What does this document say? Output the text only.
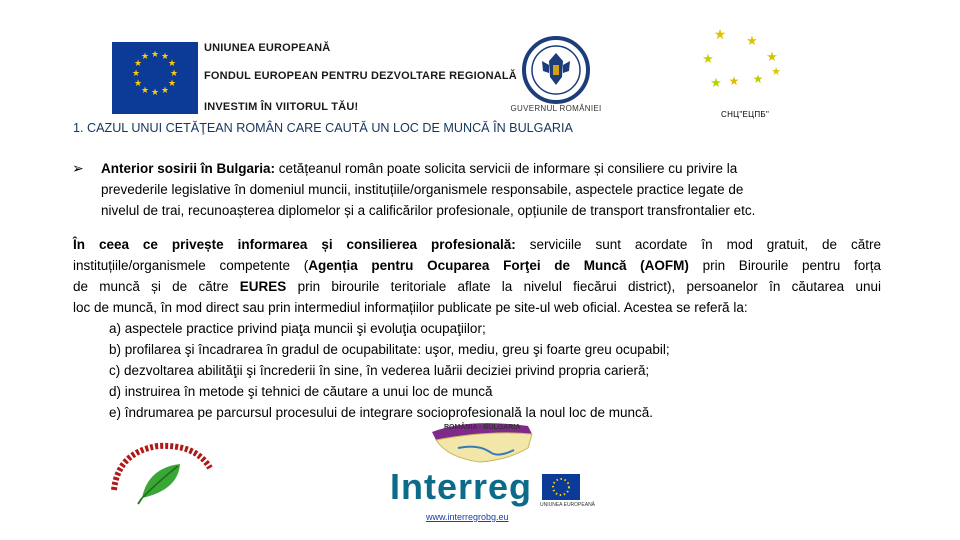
★ ★
★
★
★
★
★
★
★
★
★
★
UNIUNEA EUROPEANĂ
FONDUL EUROPEAN PENTRU DEZVOLTARE REGIONALĂ
INVESTIM ÎN VIITORUL TĂU!	GUVERNUL ROMÂNIEI
★ ★
★	★
★ ★ ★
★
СНЦ"ЕЦПБ"
1. CAZUL UNUI CETĂŢEAN ROMÂN CARE CAUTĂ UN LOC DE MUNCĂ ÎN BULGARIA
➢ Anterior sosirii în Bulgaria: cetățeanul român poate solicita servicii de informare și consiliere cu privire la
prevederile legislative în domeniul muncii, instituțiile/organismele responsabile, aspectele practice legate de
nivelul de trai, recunoașterea diplomelor și a calificărilor profesionale, opțiunile de transport transfrontalier etc.
În ceea ce privește informarea și consilierea profesională: serviciile sunt acordate în mod gratuit, de către
instituțiile/organismele competente (Agenția pentru Ocuparea Forţei de Muncă (AOFM) prin Birourile pentru forța
de muncă și de către EURES prin birourile teritoriale aflate la nivelul fiecărui district), persoanelor în căutarea unui
loc de muncă, în mod direct sau prin intermediul informațiilor publicate pe site-ul web oficial. Acestea se referă la:
a) aspectele practice privind piaţa muncii şi evoluţia ocupaţiilor;
b) profilarea şi încadrarea în gradul de ocupabilitate: uşor, mediu, greu şi foarte greu ocupabil;
c) dezvoltarea abilităţii şi încrederii în sine, în vederea luării deciziei privind propria carieră;
d) instruirea în metode şi tehnici de căutare a unui loc de muncă
e) îndrumarea pe parcursul procesului de integrare socioprofesională la noul loc de muncă.
ROMÂNIA - BULGARIA
Interreg UNIUNEA EUROPEANĂ
www.interregrobg.eu
